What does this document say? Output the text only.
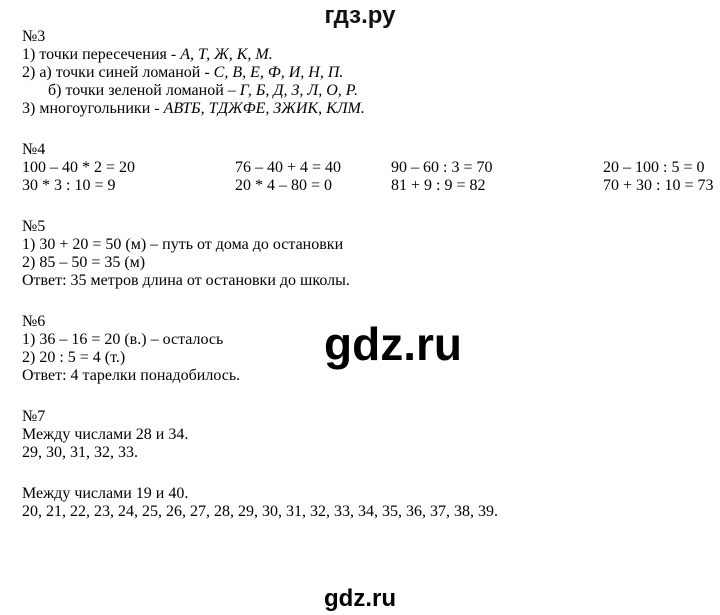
гдз.ру
№3
1) точки пересечения - А, Т, Ж, К, М.
2) а) точки синей ломаной - С, В, Е, Ф, И, Н, П.
б) точки зеленой ломаной – Г, Б, Д, З, Л, О, Р.
3) многоугольники - АВТБ, ТДЖФЕ, ЗЖИК, КЛМ.
№4
100 – 40 * 2 = 20	76 – 40 + 4 = 40	90 – 60 : 3 = 70	20 – 100 : 5 = 0
30 * 3 : 10 = 9	20 * 4 – 80 = 0	81 + 9 : 9 = 82	70 + 30 : 10 = 73
№5
1) 30 + 20 = 50 (м) – путь от дома до остановки
2) 85 – 50 = 35 (м)
Ответ: 35 метров длина от остановки до школы.
№6
1) 36 – 16 = 20 (в.) – осталось
2) 20 : 5 = 4 (т.)
Ответ: 4 тарелки понадобилось.
№7
Между числами 28 и 34.
29, 30, 31, 32, 33.
Между числами 19 и 40.
20, 21, 22, 23, 24, 25, 26, 27, 28, 29, 30, 31, 32, 33, 34, 35, 36, 37, 38, 39.
gdz.ru
gdz.ru
